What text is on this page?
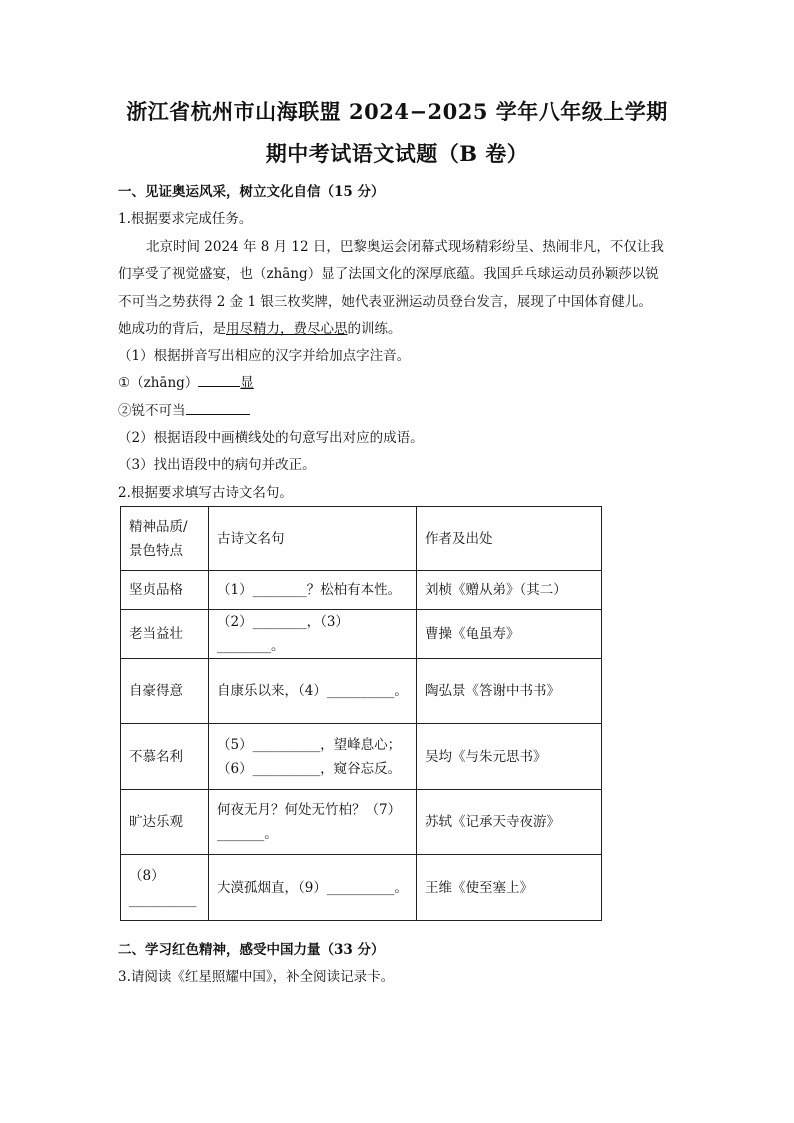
浙江省杭州市山海联盟 2024−2025 学年八年级上学期
期中考试语文试题（B 卷）
一、见证奥运风采，树立文化自信（15 分）
1.根据要求完成任务。
北京时间 2024 年 8 月 12 日，巴黎奥运会闭幕式现场精彩纷呈、热闹非凡，不仅让我
们享受了视觉盛宴，也（zhāng）显了法国文化的深厚底蕴。我国乒乓球运动员孙颖莎以锐
不可当之势获得 2 金 1 银三枚奖牌，她代表亚洲运动员登台发言，展现了中国体育健儿。
她成功的背后，是用尽精力，费尽心思的训练。
（1）根据拼音写出相应的汉字并给加点字注音。
①（zhāng）	显
②锐不可当
（2）根据语段中画横线处的句意写出对应的成语。
（3）找出语段中的病句并改正。
2.根据要求填写古诗文名句。
精神品质/景色特点	古诗文名句	作者及出处
坚贞品格	（1）________？松柏有本性。	刘桢《赠从弟》（其二）
老当益壮	（2）________，（3）________。	曹操《龟虽寿》
自豪得意	自康乐以来，（4）__________。	陶弘景《答谢中书书》
不慕名利	（5）__________，望峰息心；（6）__________，窥谷忘反。	吴均《与朱元思书》
旷达乐观	何夜无月？何处无竹柏？（7）_______。	苏轼《记承天寺夜游》
（8）__________	大漠孤烟直，（9）__________。	王维《使至塞上》
二、学习红色精神，感受中国力量（33 分）
3.请阅读《红星照耀中国》，补全阅读记录卡。
